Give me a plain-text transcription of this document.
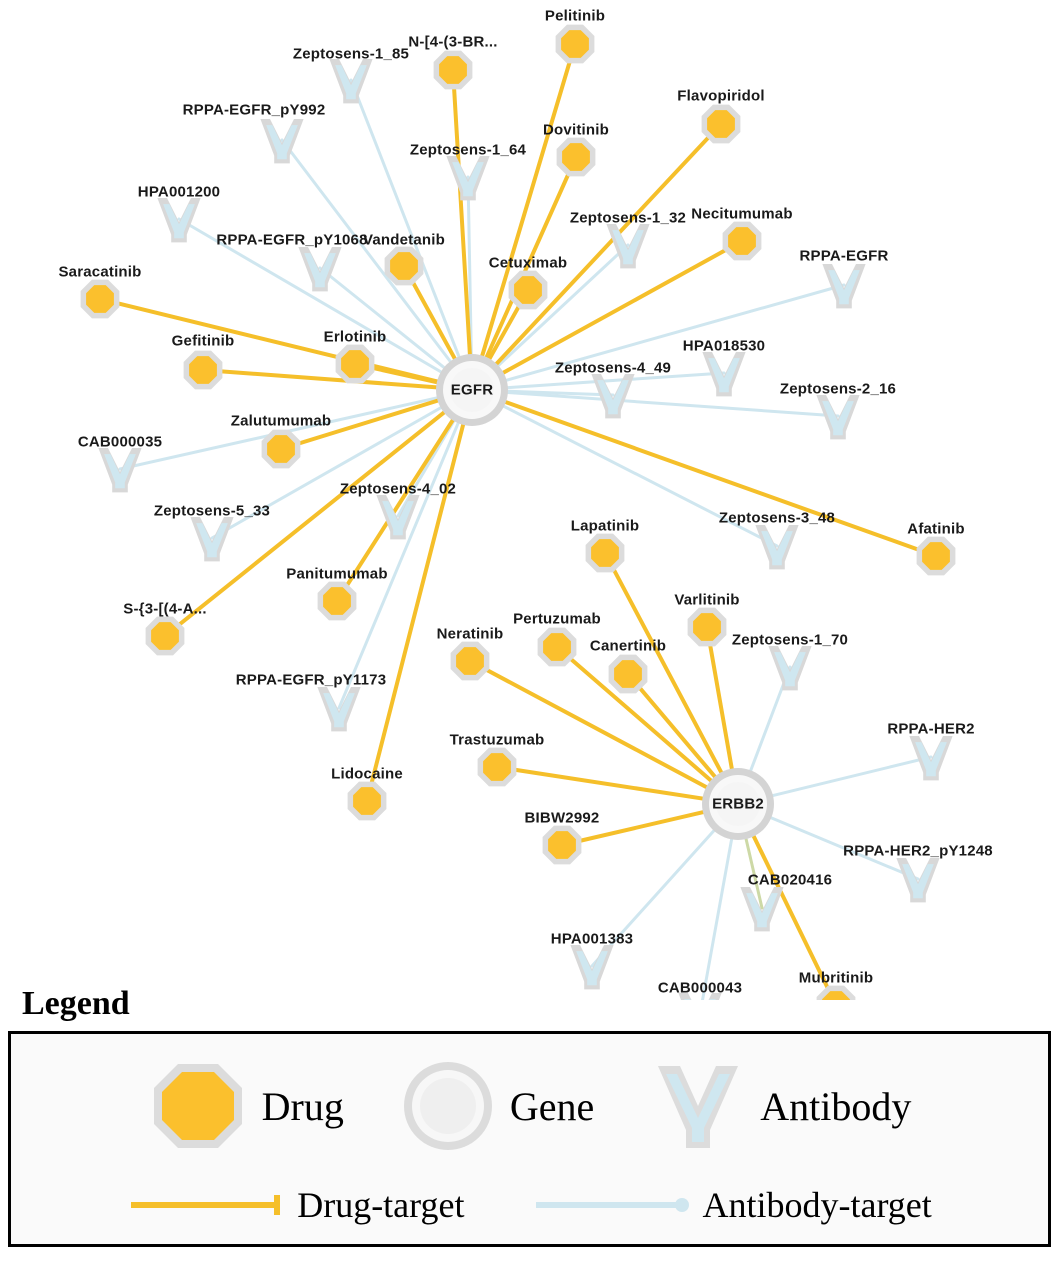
Pelitinib
N-[4-(3-BR...
Flavopiridol
Dovitinib
Necitumumab
Vandetanib
Cetuximab
Saracatinib
Gefitinib	Erlotinib
Zalutumumab
Afatinib
Lapatinib
Panitumumab
Varlitinib
S-{3-[(4-A...
Pertuzumab
Neratinib
Canertinib
Trastuzumab
Lidocaine
BIBW2992
Mubritinib
Zeptosens-1_85
RPPA-EGFR_pY992
Zeptosens-1_64
HPA001200
Zeptosens-1_32
RPPA-EGFR_pY1068
RPPA-EGFR
HPA018530
Zeptosens-4_49
Zeptosens-2_16
CAB000035
Zeptosens-4_02
Zeptosens-5_33	Zeptosens-3_48
Zeptosens-1_70
RPPA-EGFR_pY1173
RPPA-HER2
RPPA-HER2_pY1248
CAB020416
HPA001383
CAB000043
EGFR
ERBB2
Legend
Drug	Gene	Antibody
Drug-target	Antibody-target
